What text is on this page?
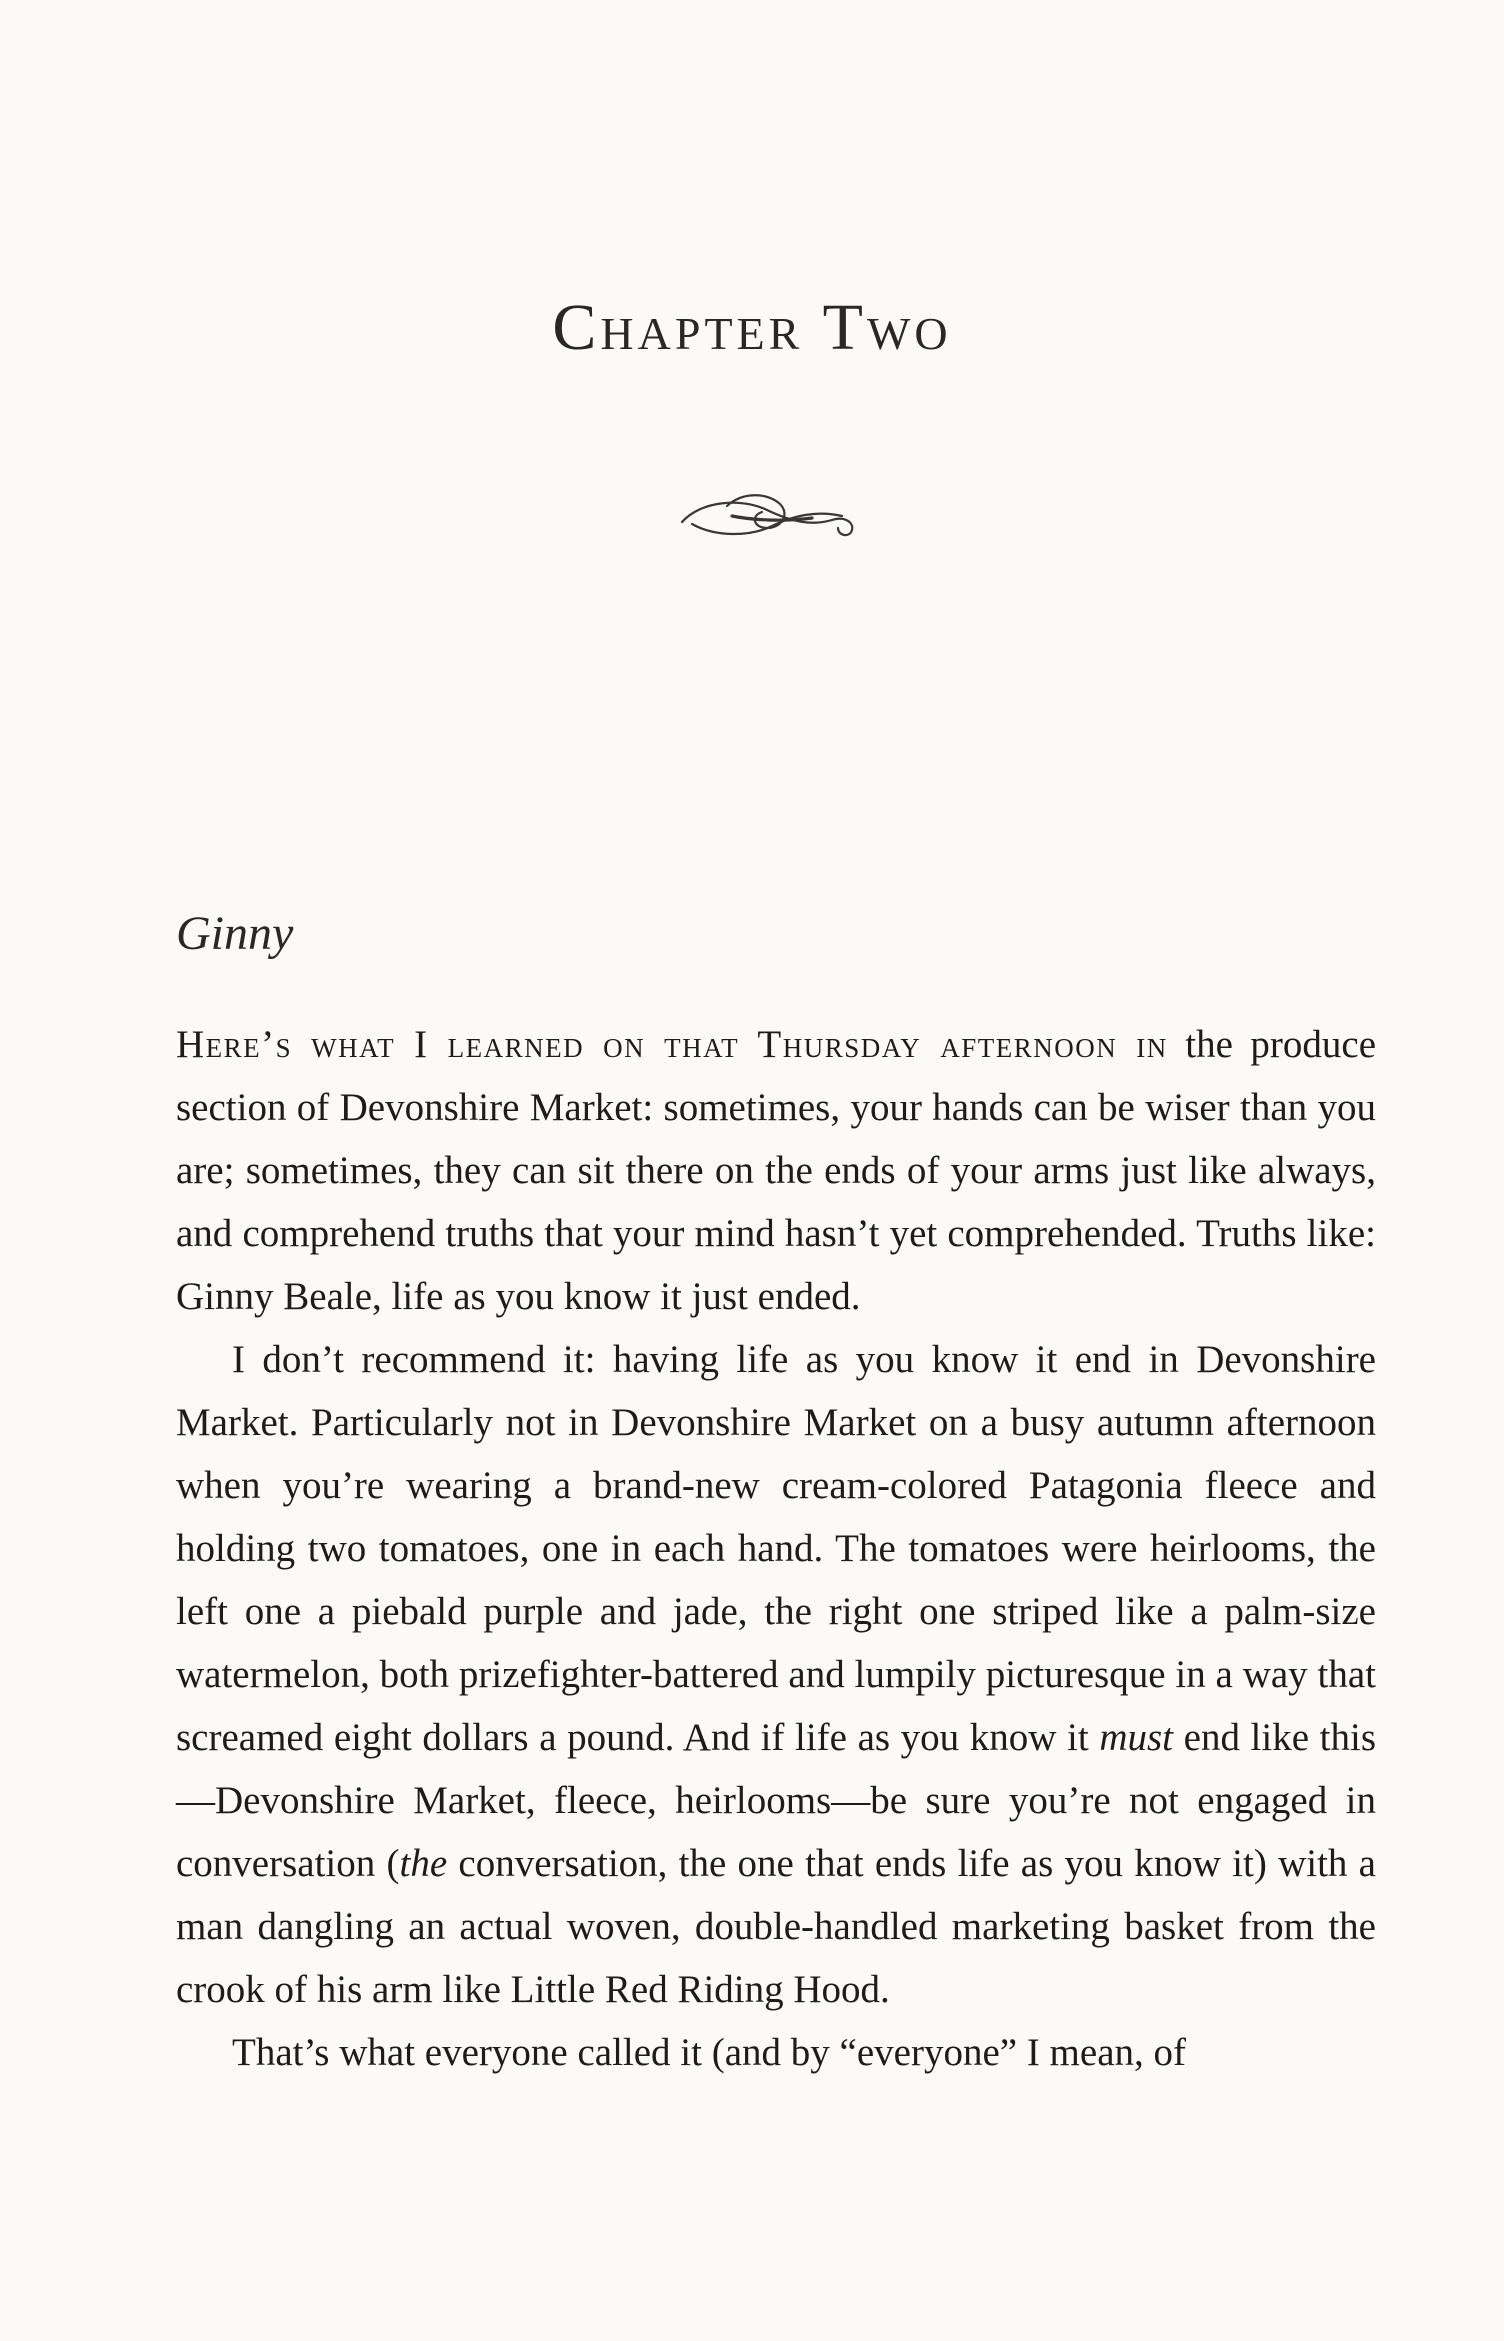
Chapter Two
Ginny

Here’s what I learned on that Thursday afternoon in the produce section of Devonshire Market: sometimes, your hands can be wiser than you are; sometimes, they can sit there on the ends of your arms just like always, and comprehend truths that your mind hasn’t yet comprehended. Truths like: Ginny Beale, life as you know it just ended.

I don’t recommend it: having life as you know it end in Devonshire Market. Particularly not in Devonshire Market on a busy autumn afternoon when you’re wearing a brand-new cream-colored Patagonia fleece and holding two tomatoes, one in each hand. The tomatoes were heirlooms, the left one a piebald purple and jade, the right one striped like a palm-size watermelon, both prizefighter-battered and lumpily picturesque in a way that screamed eight dollars a pound. And if life as you know it must end like this—Devonshire Market, fleece, heirlooms—be sure you’re not engaged in conversation (the conversation, the one that ends life as you know it) with a man dangling an actual woven, double-handled marketing basket from the crook of his arm like Little Red Riding Hood.

That’s what everyone called it (and by “everyone” I mean, of
